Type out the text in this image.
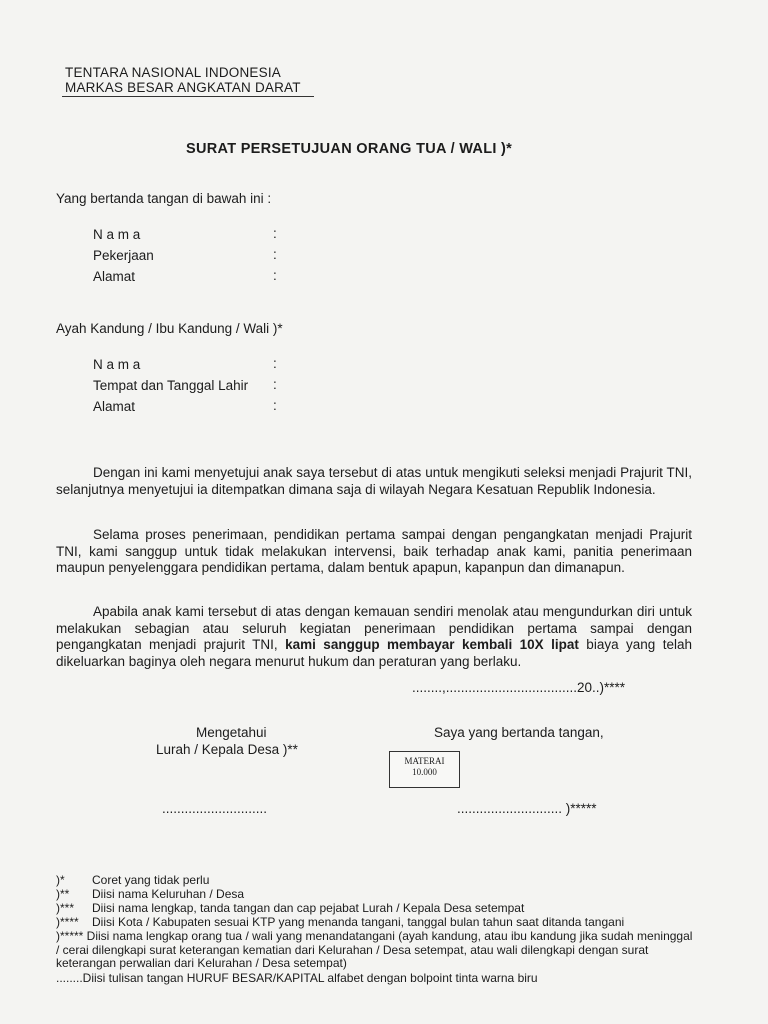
TENTARA NASIONAL INDONESIA
MARKAS BESAR ANGKATAN DARAT
SURAT PERSETUJUAN ORANG TUA / WALI )*
Yang bertanda tangan di bawah ini :
N a m a	:
Pekerjaan	:
Alamat	:
Ayah Kandung / Ibu Kandung / Wali )*
N a m a	:
Tempat dan Tanggal Lahir :
Alamat	:
Dengan ini kami menyetujui anak saya tersebut di atas untuk mengikuti seleksi menjadi Prajurit TNI, selanjutnya menyetujui ia ditempatkan dimana saja di wilayah Negara Kesatuan Republik Indonesia.
Selama proses penerimaan, pendidikan pertama sampai dengan pengangkatan menjadi Prajurit TNI, kami sanggup untuk tidak melakukan intervensi, baik terhadap anak kami, panitia penerimaan maupun penyelenggara pendidikan pertama, dalam bentuk apapun, kapanpun dan dimanapun.
Apabila anak kami tersebut di atas dengan kemauan sendiri menolak atau mengundurkan diri untuk melakukan sebagian atau seluruh kegiatan penerimaan pendidikan pertama sampai dengan pengangkatan menjadi prajurit TNI, kami sanggup membayar kembali 10X lipat biaya yang telah dikeluarkan baginya oleh negara menurut hukum dan peraturan yang berlaku.
........,...................................20..)****
Mengetahui
Lurah / Kepala Desa )**
Saya yang bertanda tangan,
MATERAI
10.000
............................	............................ )*****
)* Coret yang tidak perlu
)** Diisi nama Keluruhan / Desa
)*** Diisi nama lengkap, tanda tangan dan cap pejabat Lurah / Kepala Desa setempat
)**** Diisi Kota / Kabupaten sesuai KTP yang menanda tangani, tanggal bulan tahun saat ditanda tangani
)***** Diisi nama lengkap orang tua / wali yang menandatangani (ayah kandung, atau ibu kandung jika sudah meninggal / cerai dilengkapi surat keterangan kematian dari Kelurahan / Desa setempat, atau wali dilengkapi dengan surat keterangan perwalian dari Kelurahan / Desa setempat)
........Diisi tulisan tangan HURUF BESAR/KAPITAL alfabet dengan bolpoint tinta warna biru
